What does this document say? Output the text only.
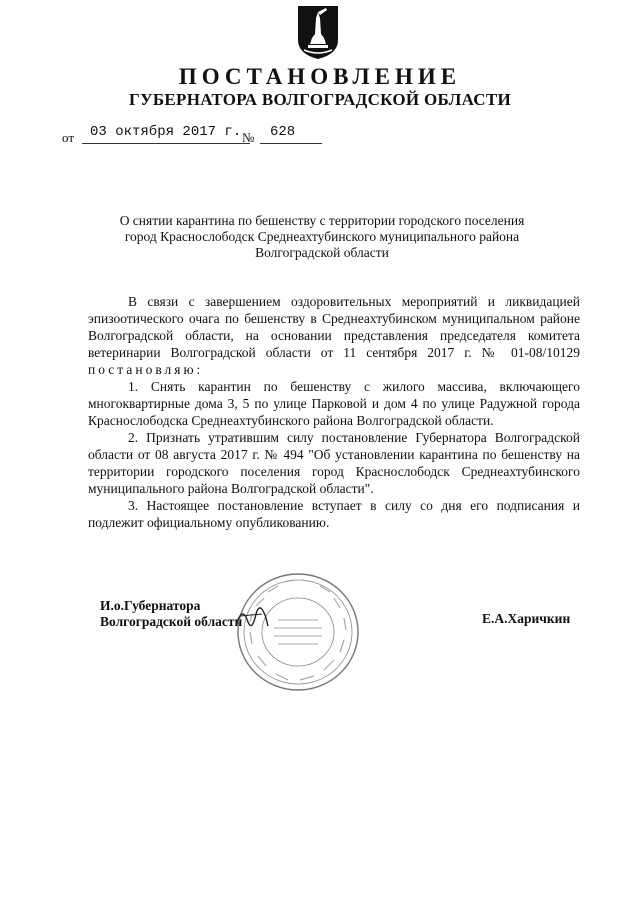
ПОСТАНОВЛЕНИЕ
ГУБЕРНАТОРА ВОЛГОГРАДСКОЙ ОБЛАСТИ
от 03 октября 2017 г. № 628
О снятии карантина по бешенству с территории городского поселения
город Краснослободск Среднеахтубинского муниципального района
Волгоградской области

В связи с завершением оздоровительных мероприятий и ликвидацией эпизоотического очага по бешенству в Среднеахтубинском муниципальном районе Волгоградской области, на основании представления председателя комитета ветеринарии Волгоградской области от 11 сентября 2017 г. № 01-08/10129 постановляю:

1. Снять карантин по бешенству с жилого массива, включающего многоквартирные дома 3, 5 по улице Парковой и дом 4 по улице Радужной города Краснослободска Среднеахтубинского района Волгоградской области.

2. Признать утратившим силу постановление Губернатора Волгоградской области от 08 августа 2017 г. № 494 "Об установлении карантина по бешенству на территории городского поселения город Краснослободск Среднеахтубинского муниципального района Волгоградской области".

3. Настоящее постановление вступает в силу со дня его подписания и подлежит официальному опубликованию.

И.о.Губернатора
Волгоградской области	Е.А.Харичкин
